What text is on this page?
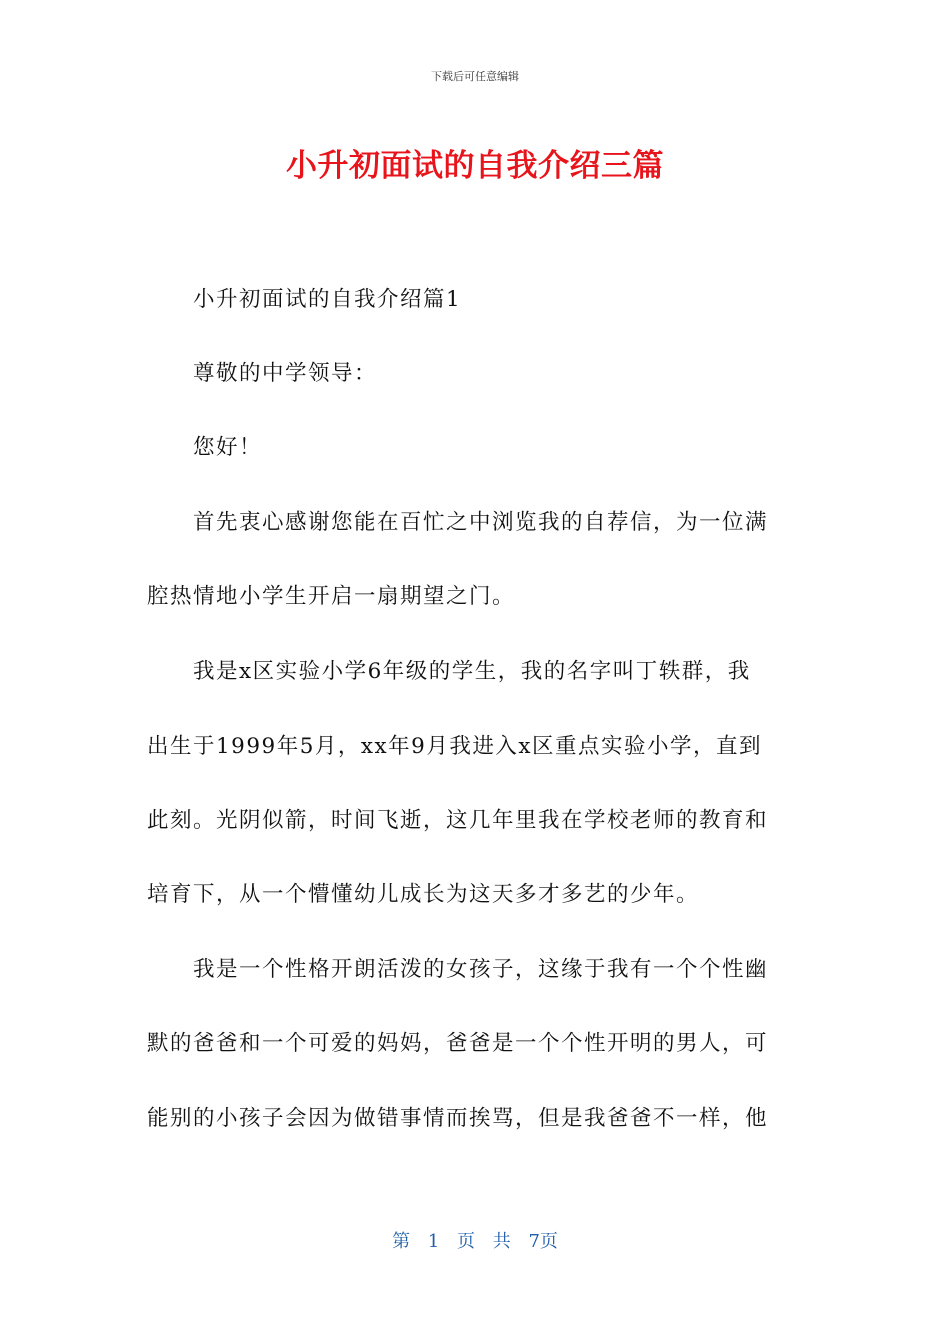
下载后可任意编辑
小升初面试的自我介绍三篇
小升初面试的自我介绍篇1
尊敬的中学领导：
您好！
首先衷心感谢您能在百忙之中浏览我的自荐信，为一位满
腔热情地小学生开启一扇期望之门。
我是x区实验小学6年级的学生，我的名字叫丁轶群，我
出生于1999年5月，xx年9月我进入x区重点实验小学，直到
此刻。光阴似箭，时间飞逝，这几年里我在学校老师的教育和
培育下，从一个懵懂幼儿成长为这天多才多艺的少年。
我是一个性格开朗活泼的女孩子，这缘于我有一个个性幽
默的爸爸和一个可爱的妈妈，爸爸是一个个性开明的男人，可
能别的小孩子会因为做错事情而挨骂，但是我爸爸不一样，他
第 1 页 共 7页
